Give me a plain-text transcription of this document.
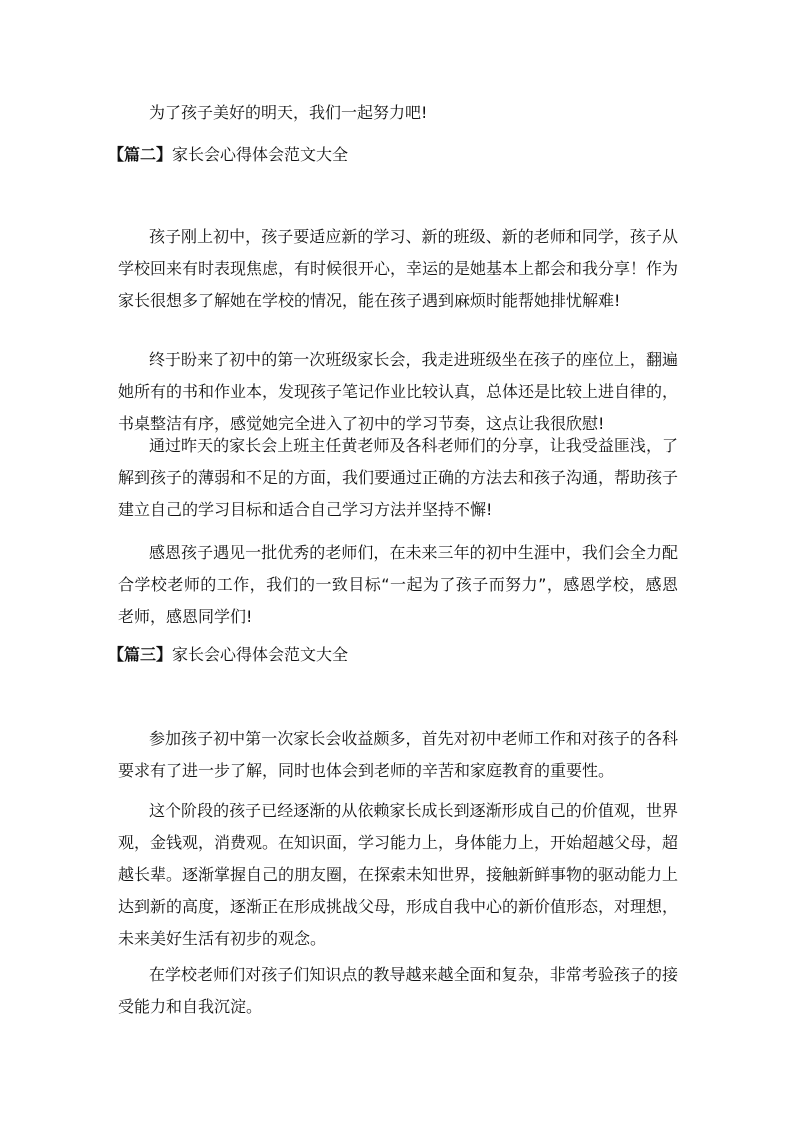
为了孩子美好的明天，我们一起努力吧!

【篇二】家长会心得体会范文大全

孩子刚上初中，孩子要适应新的学习、新的班级、新的老师和同学，孩子从学校回来有时表现焦虑，有时候很开心，幸运的是她基本上都会和我分享！作为家长很想多了解她在学校的情况，能在孩子遇到麻烦时能帮她排忧解难!

终于盼来了初中的第一次班级家长会，我走进班级坐在孩子的座位上，翻遍她所有的书和作业本，发现孩子笔记作业比较认真，总体还是比较上进自律的，书桌整洁有序，感觉她完全进入了初中的学习节奏，这点让我很欣慰!

通过昨天的家长会上班主任黄老师及各科老师们的分享，让我受益匪浅，了解到孩子的薄弱和不足的方面，我们要通过正确的方法去和孩子沟通，帮助孩子建立自己的学习目标和适合自己学习方法并坚持不懈!

感恩孩子遇见一批优秀的老师们，在未来三年的初中生涯中，我们会全力配合学校老师的工作，我们的一致目标“一起为了孩子而努力”，感恩学校，感恩老师，感恩同学们!

【篇三】家长会心得体会范文大全

参加孩子初中第一次家长会收益颇多，首先对初中老师工作和对孩子的各科要求有了进一步了解，同时也体会到老师的辛苦和家庭教育的重要性。

这个阶段的孩子已经逐渐的从依赖家长成长到逐渐形成自己的价值观，世界观，金钱观，消费观。在知识面，学习能力上，身体能力上，开始超越父母，超越长辈。逐渐掌握自己的朋友圈，在探索未知世界，接触新鲜事物的驱动能力上达到新的高度，逐渐正在形成挑战父母，形成自我中心的新价值形态，对理想，未来美好生活有初步的观念。

在学校老师们对孩子们知识点的教导越来越全面和复杂，非常考验孩子的接受能力和自我沉淀。
